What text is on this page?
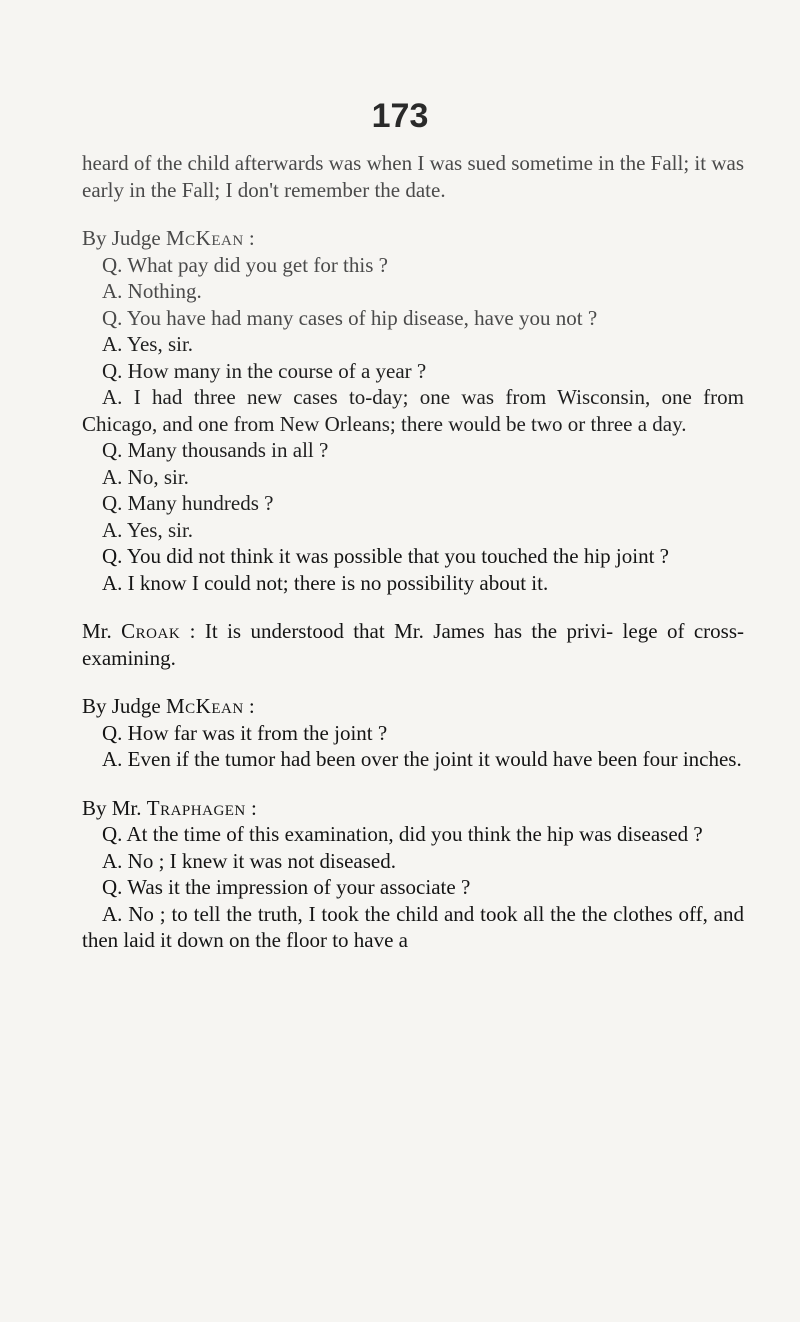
173

heard of the child afterwards was when I was sued sometime in the Fall; it was early in the Fall; I don't remember the date.

By Judge McKean :

Q. What pay did you get for this ?

A. Nothing.

Q. You have had many cases of hip disease, have you not ?

A. Yes, sir.

Q. How many in the course of a year ?

A. I had three new cases to-day; one was from Wisconsin, one from Chicago, and one from New Orleans; there would be two or three a day.

Q. Many thousands in all ?

A. No, sir.

Q. Many hundreds ?

A. Yes, sir.

Q. You did not think it was possible that you touched the hip joint ?

A. I know I could not; there is no possibility about it.

Mr. Croak : It is understood that Mr. James has the privi- lege of cross-examining.

By Judge McKean :

Q. How far was it from the joint ?

A. Even if the tumor had been over the joint it would have been four inches.

By Mr. Traphagen :

Q. At the time of this examination, did you think the hip was diseased ?

A. No ; I knew it was not diseased.

Q. Was it the impression of your associate ?

A. No ; to tell the truth, I took the child and took all the the clothes off, and then laid it down on the floor to have a
